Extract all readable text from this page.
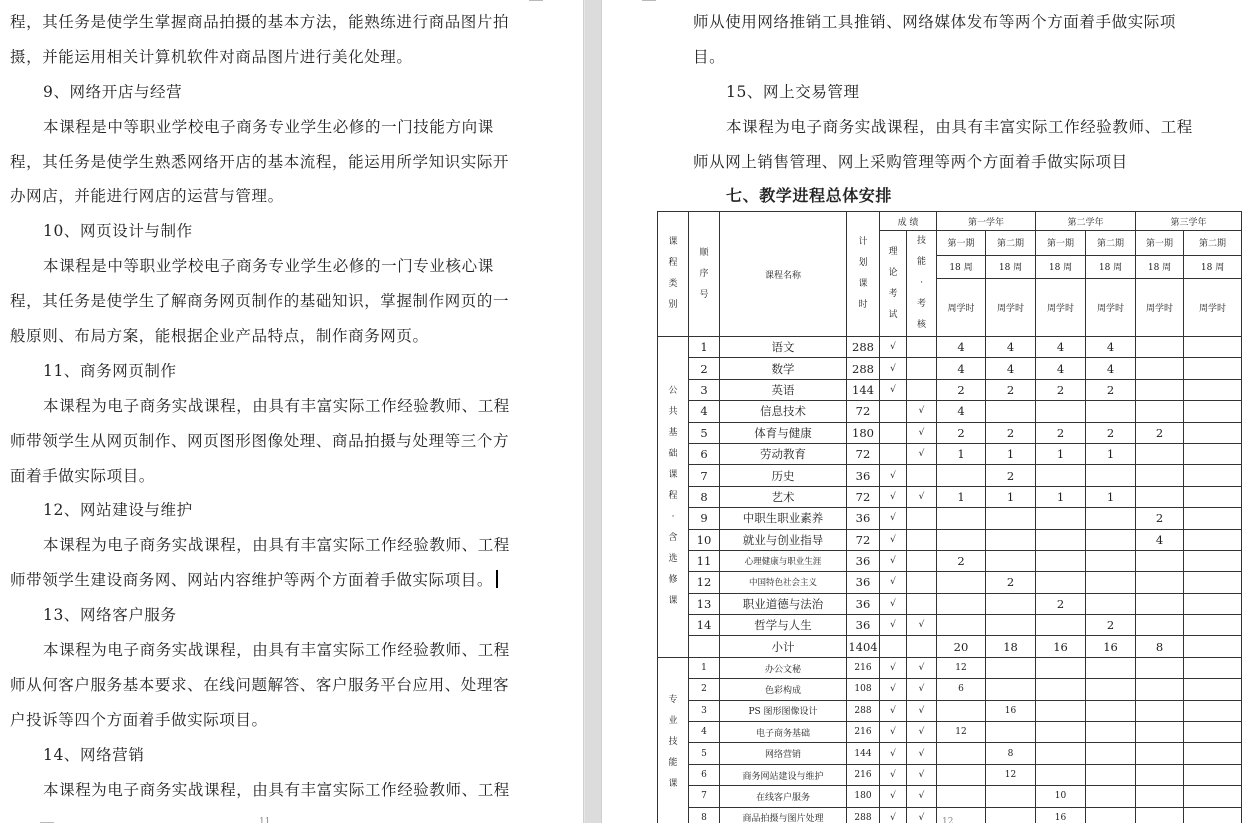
程，其任务是使学生掌握商品拍摄的基本方法，能熟练进行商品图片拍
摄，并能运用相关计算机软件对商品图片进行美化处理。
9、网络开店与经营
本课程是中等职业学校电子商务专业学生必修的一门技能方向课
程，其任务是使学生熟悉网络开店的基本流程，能运用所学知识实际开
办网店，并能进行网店的运营与管理。
10、网页设计与制作
本课程是中等职业学校电子商务专业学生必修的一门专业核心课
程，其任务是使学生了解商务网页制作的基础知识，掌握制作网页的一
般原则、布局方案，能根据企业产品特点，制作商务网页。
11、商务网页制作
本课程为电子商务实战课程，由具有丰富实际工作经验教师、工程
师带领学生从网页制作、网页图形图像处理、商品拍摄与处理等三个方
面着手做实际项目。
12、网站建设与维护
本课程为电子商务实战课程，由具有丰富实际工作经验教师、工程
师带领学生建设商务网、网站内容维护等两个方面着手做实际项目。
13、网络客户服务
本课程为电子商务实战课程，由具有丰富实际工作经验教师、工程
师从何客户服务基本要求、在线问题解答、客户服务平台应用、处理客
户投诉等四个方面着手做实际项目。
14、网络营销
本课程为电子商务实战课程，由具有丰富实际工作经验教师、工程
11
师从使用网络推销工具推销、网络媒体发布等两个方面着手做实际项
目。
15、网上交易管理
本课程为电子商务实战课程，由具有丰富实际工作经验教师、工程
师从网上销售管理、网上采购管理等两个方面着手做实际项目
七、教学进程总体安排
课程类别	顺序号	课程名称	计划课时	成 绩		第一学年		第二学年		第三学年	

				理论考试	技能·考核	第一期	第二期	第一期	第二期	第一期	第二期
						18 周	18 周	18 周	18 周	18 周	18 周
						周学时	周学时	周学时	周学时	周学时	周学时

公共基础课程·含选修课	1	语文	288	√		4	4	4	4		
	2	数学	288	√		4	4	4	4		
	3	英语	144	√		2	2	2	2		
	4	信息技术	72		√	4					
	5	体育与健康	180		√	2	2	2	2	2	
	6	劳动教育	72		√	1	1	1	1		
	7	历史	36	√			2				
	8	艺术	72	√	√	1	1	1	1		
	9	中职生职业素养	36	√						2	
	10	就业与创业指导	72	√						4	
	11	心理健康与职业生涯	36	√		2					
	12	中国特色社会主义	36	√			2				
	13	职业道德与法治	36	√				2			
	14	哲学与人生	36	√	√				2		
		小计	1404			20	18	16	16	8	

专业技能课	1	办公文秘	216	√	√	12					
	2	色彩构成	108	√	√	6					
	3	PS 图形图像设计	288	√	√		16				
	4	电子商务基础	216	√	√	12					
	5	网络营销	144	√	√		8				
	6	商务网站建设与维护	216	√	√		12				
	7	在线客户服务	180	√	√			10			
	8	商品拍摄与图片处理	288	√	√			16			
12
